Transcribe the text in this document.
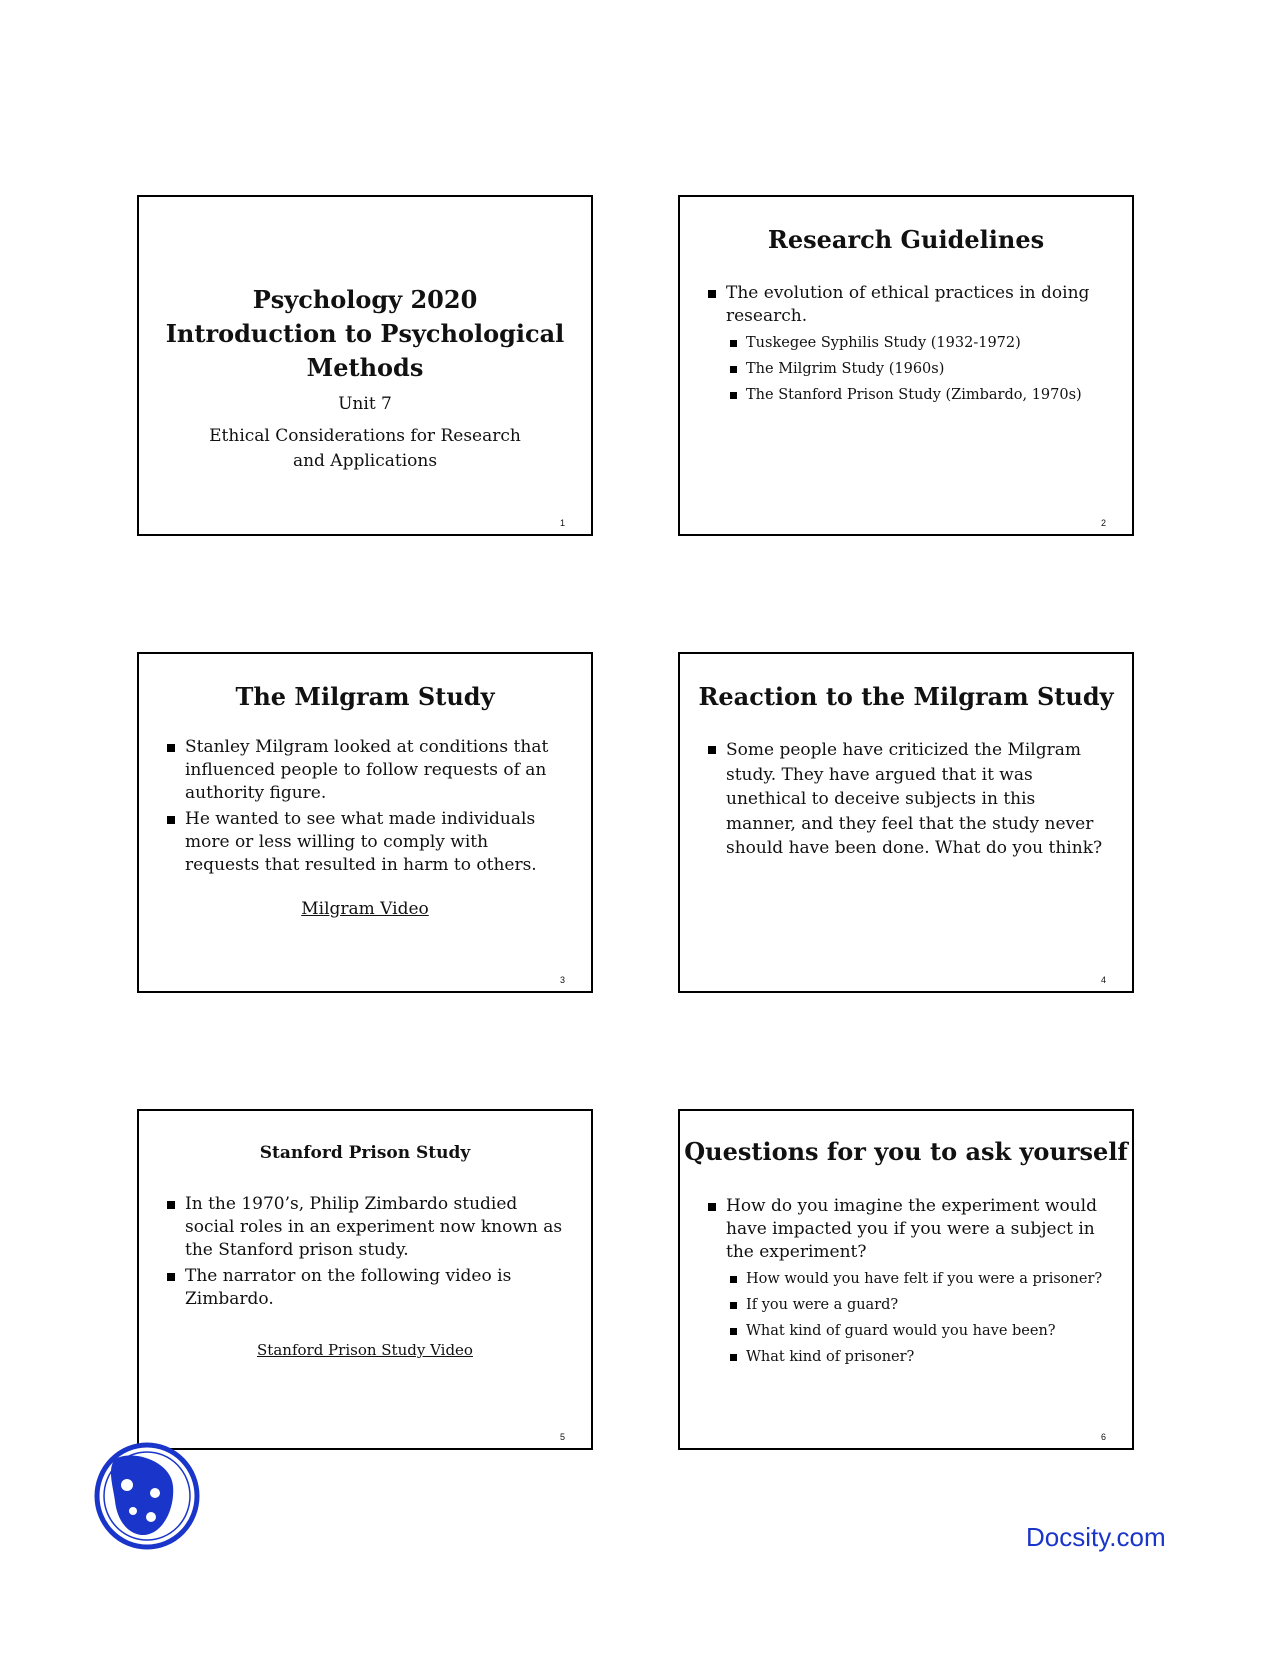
Psychology 2020
Introduction to Psychological
Methods
Unit 7
Ethical Considerations for Research and Applications
1
Research Guidelines
The evolution of ethical practices in doing research.
Tuskegee Syphilis Study (1932-1972)
The Milgrim Study (1960s)
The Stanford Prison Study (Zimbardo, 1970s)
2
The Milgram Study
Stanley Milgram looked at conditions that influenced people to follow requests of an authority figure.
He wanted to see what made individuals more or less willing to comply with requests that resulted in harm to others.
Milgram Video
3
Reaction to the Milgram Study
Some people have criticized the Milgram study. They have argued that it was unethical to deceive subjects in this manner, and they feel that the study never should have been done. What do you think?
4
Stanford Prison Study
In the 1970’s, Philip Zimbardo studied social roles in an experiment now known as the Stanford prison study.
The narrator on the following video is Zimbardo.
Stanford Prison Study Video
5
Questions for you to ask yourself
How do you imagine the experiment would have impacted you if you were a subject in the experiment?
How would you have felt if you were a prisoner?
If you were a guard?
What kind of guard would you have been?
What kind of prisoner?
6
Docsity.com
